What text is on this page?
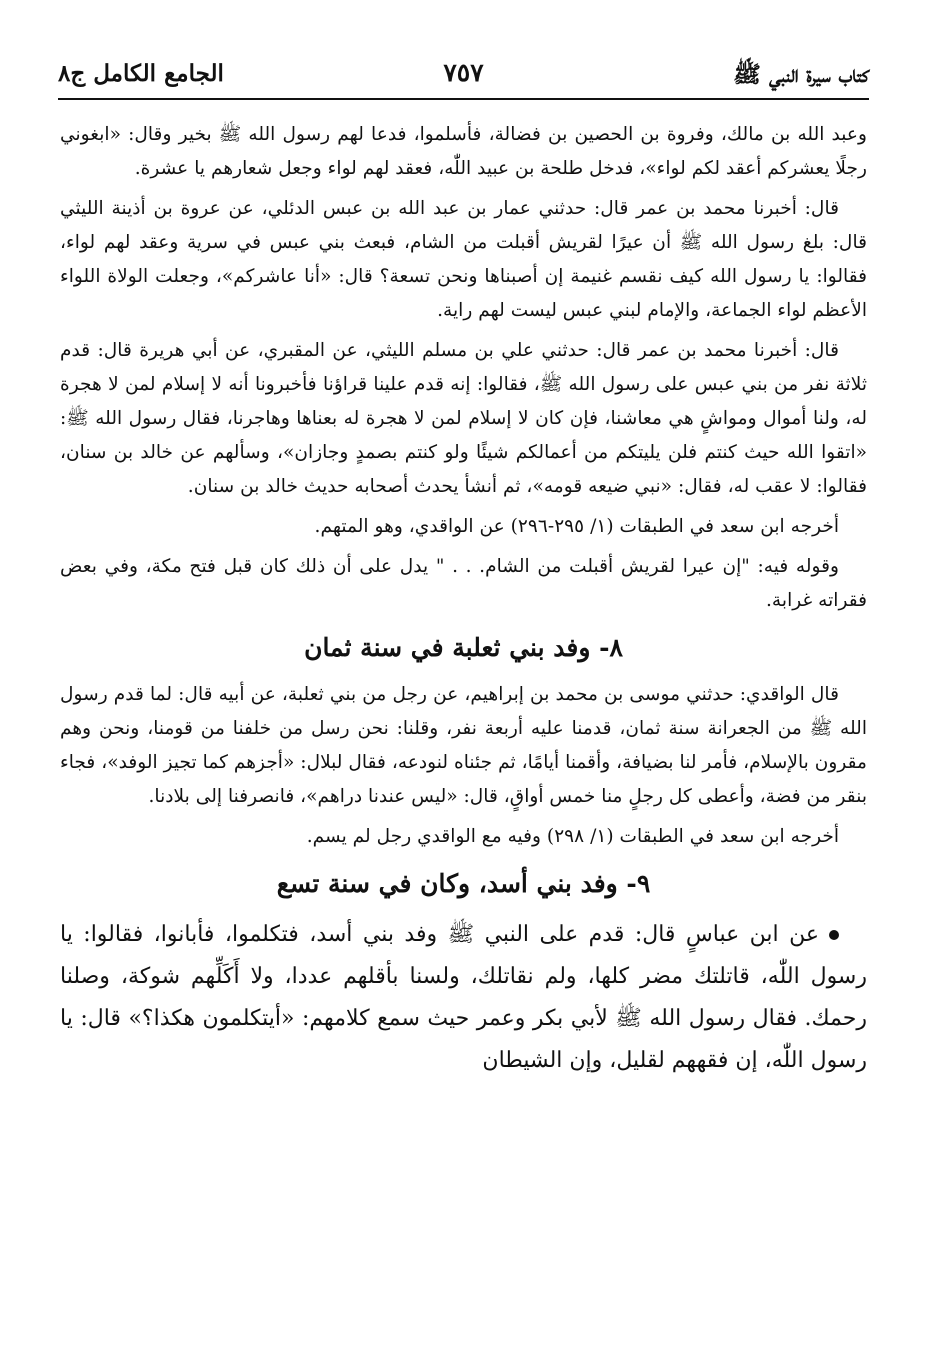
كتاب سيرة النبي ﷺ
٧٥٧
الجامع الكامل ج٨

وعبد الله بن مالك، وفروة بن الحصين بن فضالة، فأسلموا، فدعا لهم رسول الله ﷺ بخير وقال: «ابغوني رجلًا يعشركم أعقد لكم لواء»، فدخل طلحة بن عبيد اللّٰه، فعقد لهم لواء وجعل شعارهم يا عشرة.

قال: أخبرنا محمد بن عمر قال: حدثني عمار بن عبد الله بن عبس الدئلي، عن عروة بن أذينة الليثي قال: بلغ رسول الله ﷺ أن عيرًا لقريش أقبلت من الشام، فبعث بني عبس في سرية وعقد لهم لواء، فقالوا: يا رسول الله كيف نقسم غنيمة إن أصبناها ونحن تسعة؟ قال: «أنا عاشركم»، وجعلت الولاة اللواء الأعظم لواء الجماعة، والإمام لبني عبس ليست لهم راية.

قال: أخبرنا محمد بن عمر قال: حدثني علي بن مسلم الليثي، عن المقبري، عن أبي هريرة قال: قدم ثلاثة نفر من بني عبس على رسول الله ﷺ، فقالوا: إنه قدم علينا قراؤنا فأخبرونا أنه لا إسلام لمن لا هجرة له، ولنا أموال ومواشٍ هي معاشنا، فإن كان لا إسلام لمن لا هجرة له بعناها وهاجرنا، فقال رسول الله ﷺ: «اتقوا الله حيث كنتم فلن يليتكم من أعمالكم شيئًا ولو كنتم بصمدٍ وجازان»، وسألهم عن خالد بن سنان، فقالوا: لا عقب له، فقال: «نبي ضيعه قومه»، ثم أنشأ يحدث أصحابه حديث خالد بن سنان.

أخرجه ابن سعد في الطبقات (١/ ٢٩٥-٢٩٦) عن الواقدي، وهو المتهم.

وقوله فيه: "إن عيرا لقريش أقبلت من الشام. . . " يدل على أن ذلك كان قبل فتح مكة، وفي بعض فقراته غرابة.

٨- وفد بني ثعلبة في سنة ثمان

قال الواقدي: حدثني موسى بن محمد بن إبراهيم، عن رجل من بني ثعلبة، عن أبيه قال: لما قدم رسول الله ﷺ من الجعرانة سنة ثمان، قدمنا عليه أربعة نفر، وقلنا: نحن رسل من خلفنا من قومنا، ونحن وهم مقرون بالإسلام، فأمر لنا بضيافة، وأقمنا أيامًا، ثم جئناه لنودعه، فقال لبلال: «أجزهم كما تجيز الوفد»، فجاء بنقر من فضة، وأعطى كل رجلٍ منا خمس أواقٍ، قال: «ليس عندنا دراهم»، فانصرفنا إلى بلادنا.

أخرجه ابن سعد في الطبقات (١/ ٢٩٨) وفيه مع الواقدي رجل لم يسم.

٩- وفد بني أسد، وكان في سنة تسع

عن ابن عباسٍ قال: قدم على النبي ﷺ وفد بني أسد، فتكلموا، فأبانوا، فقالوا: يا رسول اللّٰه، قاتلتك مضر كلها، ولم نقاتلك، ولسنا بأقلهم عددا، ولا أَكَلِّهم شوكة، وصلنا رحمك. فقال رسول الله ﷺ لأبي بكر وعمر حيث سمع كلامهم: «أيتكلمون هكذا؟» قال: يا رسول اللّٰه، إن فقههم لقليل، وإن الشيطان
